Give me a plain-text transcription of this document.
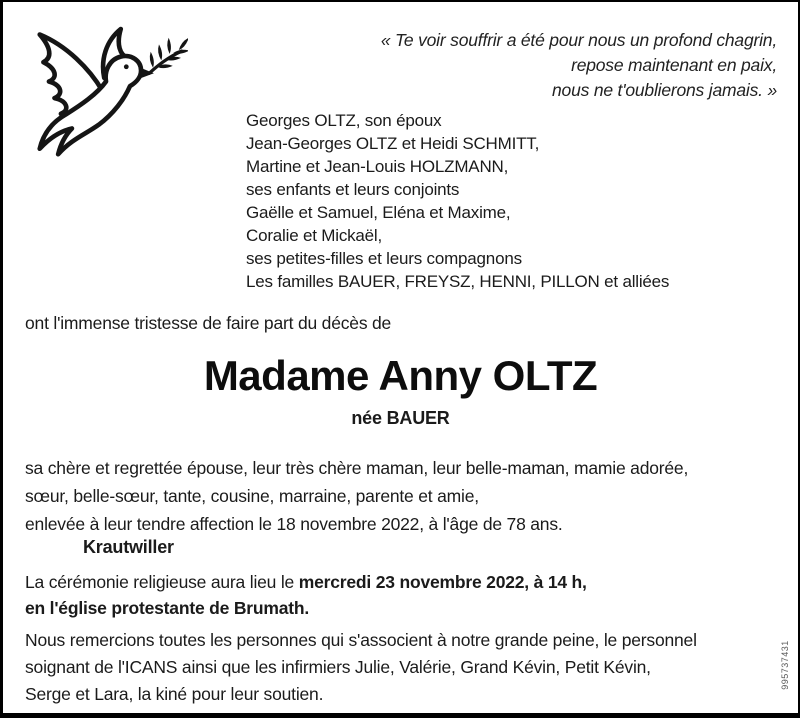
« Te voir souffrir a été pour nous un profond chagrin,
repose maintenant en paix,
nous ne t'oublierons jamais. »
Georges OLTZ, son époux
Jean-Georges OLTZ et Heidi SCHMITT,
Martine et Jean-Louis HOLZMANN,
ses enfants et leurs conjoints
Gaëlle et Samuel, Eléna et Maxime,
Coralie et Mickaël,
ses petites-filles et leurs compagnons
Les familles BAUER, FREYSZ, HENNI, PILLON et alliées
ont l'immense tristesse de faire part du décès de
Madame Anny OLTZ
née BAUER
sa chère et regrettée épouse, leur très chère maman, leur belle-maman, mamie adorée,
sœur, belle-sœur, tante, cousine, marraine, parente et amie,
enlevée à leur tendre affection le 18 novembre 2022, à l'âge de 78 ans.
Krautwiller
La cérémonie religieuse aura lieu le mercredi 23 novembre 2022, à 14 h,
en l'église protestante de Brumath.
Nous remercions toutes les personnes qui s'associent à notre grande peine, le personnel
soignant de l'ICANS ainsi que les infirmiers Julie, Valérie, Grand Kévin, Petit Kévin,
Serge et Lara, la kiné pour leur soutien.
995737431
